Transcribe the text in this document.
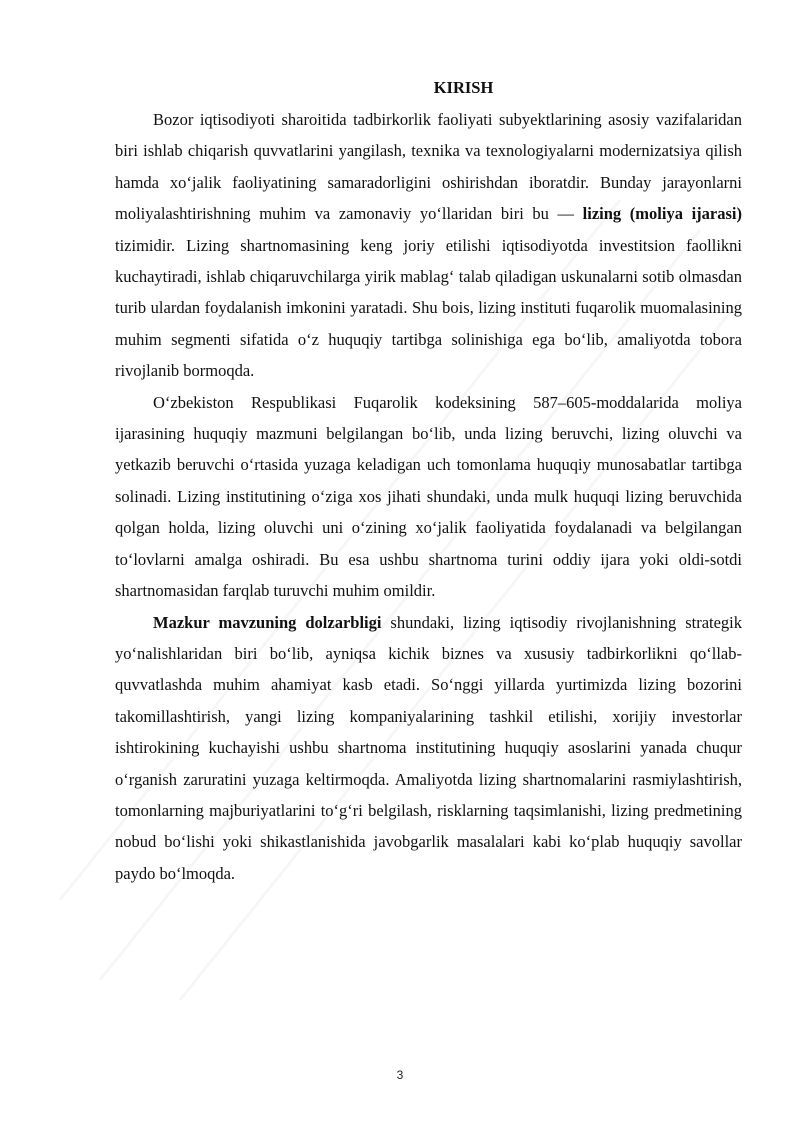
KIRISH

Bozor iqtisodiyoti sharoitida tadbirkorlik faoliyati subyektlarining asosiy vazifalaridan biri ishlab chiqarish quvvatlarini yangilash, texnika va texnologiyalarni modernizatsiya qilish hamda xo‘jalik faoliyatining samaradorligini oshirishdan iboratdir. Bunday jarayonlarni moliyalashtirishning muhim va zamonaviy yo‘llaridan biri bu — lizing (moliya ijarasi) tizimidir. Lizing shartnomasining keng joriy etilishi iqtisodiyotda investitsion faollikni kuchaytiradi, ishlab chiqaruvchilarga yirik mablag‘ talab qiladigan uskunalarni sotib olmasdan turib ulardan foydalanish imkonini yaratadi. Shu bois, lizing instituti fuqarolik muomalasining muhim segmenti sifatida o‘z huquqiy tartibga solinishiga ega bo‘lib, amaliyotda tobora rivojlanib bormoqda.

O‘zbekiston Respublikasi Fuqarolik kodeksining 587–605-moddalarida moliya ijarasining huquqiy mazmuni belgilangan bo‘lib, unda lizing beruvchi, lizing oluvchi va yetkazib beruvchi o‘rtasida yuzaga keladigan uch tomonlama huquqiy munosabatlar tartibga solinadi. Lizing institutining o‘ziga xos jihati shundaki, unda mulk huquqi lizing beruvchida qolgan holda, lizing oluvchi uni o‘zining xo‘jalik faoliyatida foydalanadi va belgilangan to‘lovlarni amalga oshiradi. Bu esa ushbu shartnoma turini oddiy ijara yoki oldi-sotdi shartnomasidan farqlab turuvchi muhim omildir.

Mazkur mavzuning dolzarbligi shundaki, lizing iqtisodiy rivojlanishning strategik yo‘nalishlaridan biri bo‘lib, ayniqsa kichik biznes va xususiy tadbirkorlikni qo‘llab-quvvatlashda muhim ahamiyat kasb etadi. So‘nggi yillarda yurtimizda lizing bozorini takomillashtirish, yangi lizing kompaniyalarining tashkil etilishi, xorijiy investorlar ishtirokining kuchayishi ushbu shartnoma institutining huquqiy asoslarini yanada chuqur o‘rganish zaruratini yuzaga keltirmoqda. Amaliyotda lizing shartnomalarini rasmiylashtirish, tomonlarning majburiyatlarini to‘g‘ri belgilash, risklarning taqsimlanishi, lizing predmetining nobud bo‘lishi yoki shikastlanishida javobgarlik masalalari kabi ko‘plab huquqiy savollar paydo bo‘lmoqda.

3
